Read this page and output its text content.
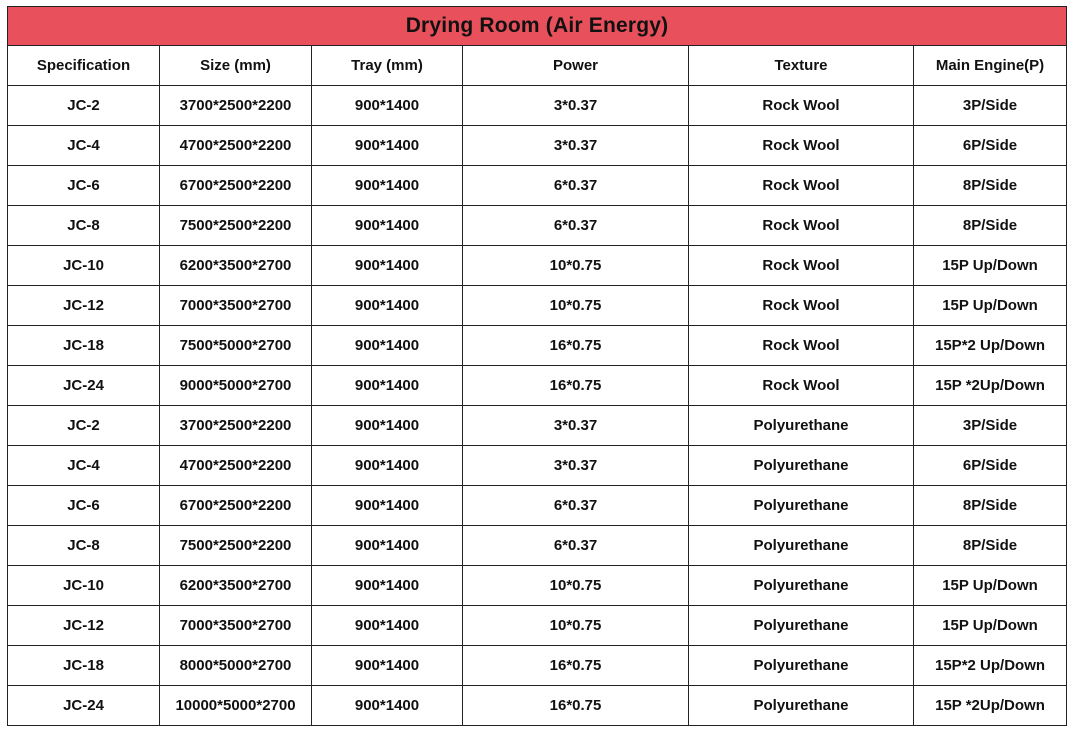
Drying Room (Air Energy)					
Specification	Size (mm)	Tray (mm)	Power	Texture	Main Engine(P)
JC-2	3700*2500*2200	900*1400	3*0.37	Rock Wool	3P/Side
JC-4	4700*2500*2200	900*1400	3*0.37	Rock Wool	6P/Side
JC-6	6700*2500*2200	900*1400	6*0.37	Rock Wool	8P/Side
JC-8	7500*2500*2200	900*1400	6*0.37	Rock Wool	8P/Side
JC-10	6200*3500*2700	900*1400	10*0.75	Rock Wool	15P Up/Down
JC-12	7000*3500*2700	900*1400	10*0.75	Rock Wool	15P Up/Down
JC-18	7500*5000*2700	900*1400	16*0.75	Rock Wool	15P*2 Up/Down
JC-24	9000*5000*2700	900*1400	16*0.75	Rock Wool	15P *2Up/Down
JC-2	3700*2500*2200	900*1400	3*0.37	Polyurethane	3P/Side
JC-4	4700*2500*2200	900*1400	3*0.37	Polyurethane	6P/Side
JC-6	6700*2500*2200	900*1400	6*0.37	Polyurethane	8P/Side
JC-8	7500*2500*2200	900*1400	6*0.37	Polyurethane	8P/Side
JC-10	6200*3500*2700	900*1400	10*0.75	Polyurethane	15P Up/Down
JC-12	7000*3500*2700	900*1400	10*0.75	Polyurethane	15P Up/Down
JC-18	8000*5000*2700	900*1400	16*0.75	Polyurethane	15P*2 Up/Down
JC-24	10000*5000*2700	900*1400	16*0.75	Polyurethane	15P *2Up/Down
